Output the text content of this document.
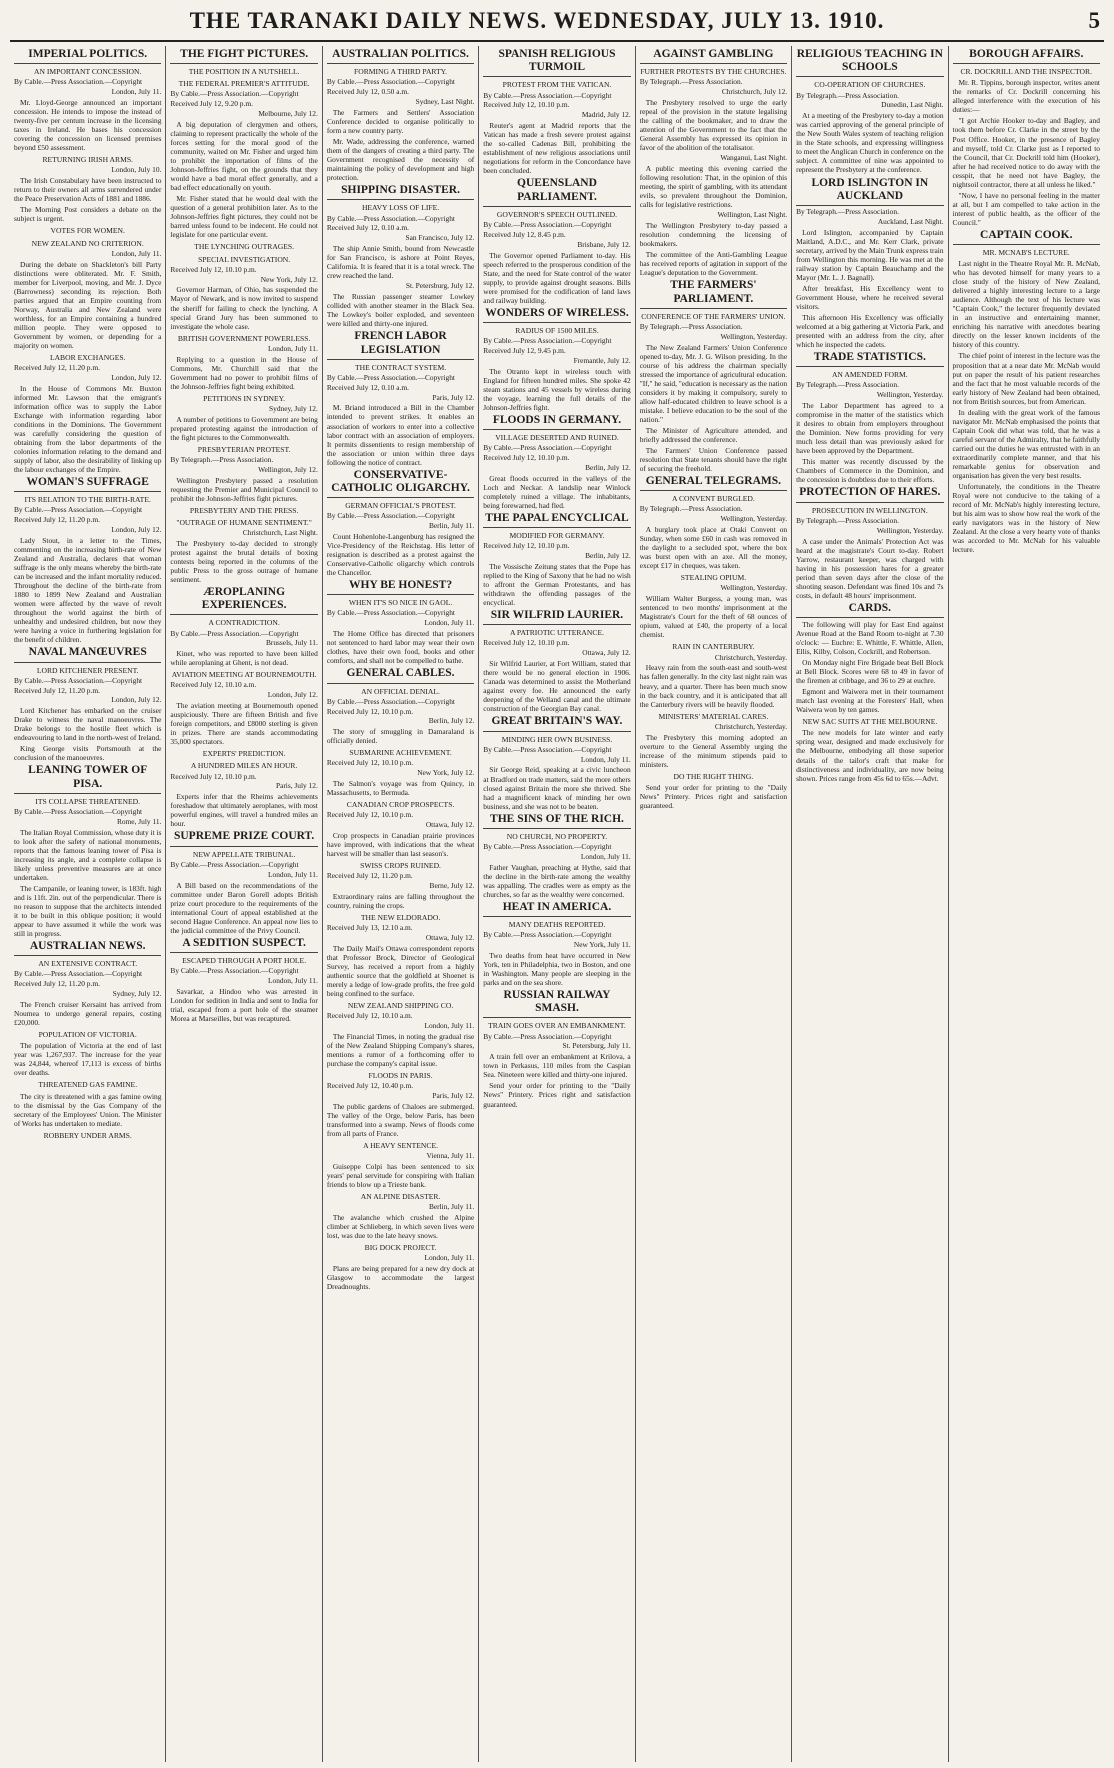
THE TARANAKI DAILY NEWS. WEDNESDAY, JULY 13. 1910.	5
IMPERIAL POLITICS.
AN IMPORTANT CONCESSION.
By Cable.—Press Association.—Copyright
London, July 11.
Mr. Lloyd-George announced an important concession. He intends to impose the instead of twenty-five per centum increase in the licensing taxes in Ireland. He bases his concession covering the concession on licensed premises beyond £50 assessment.
RETURNING IRISH ARMS.
London, July 10.
The Irish Constabulary have been instructed to return to their owners all arms surrendered under the Peace Preservation Acts of 1881 and 1886.
The Morning Post considers a debate on the subject is urgent.
VOTES FOR WOMEN.
NEW ZEALAND NO CRITERION.
London, July 11.
During the debate on Shackleton's bill Party distinctions were obliterated. Mr. F. Smith, member for Liverpool, moving, and Mr. J. Dyce (Barrowness) seconding its rejection. Both parties argued that an Empire counting from Norway, Australia and New Zealand were worthless, for an Empire containing a hundred million people. They were opposed to Government by women, or depending for a majority on women.
LABOR EXCHANGES.
Received July 12, 11.20 p.m.
London, July 12.
In the House of Commons Mr. Buxton informed Mr. Lawson that the emigrant's information office was to supply the Labor Exchange with information regarding labor conditions in the Dominions. The Government was carefully considering the question of obtaining from the labor departments of the colonies information relating to the demand and supply of labor, also the desirability of linking up the labour exchanges of the Empire.
WOMAN'S SUFFRAGE
ITS RELATION TO THE BIRTH-RATE.
By Cable.—Press Association.—Copyright
Received July 12, 11.20 p.m.
London, July 12.
Lady Stout, in a letter to the Times, commenting on the increasing birth-rate of New Zealand and Australia, declares that woman suffrage is the only means whereby the birth-rate can be increased and the infant mortality reduced. Throughout the decline of the birth-rate from 1880 to 1899 New Zealand and Australian women were affected by the wave of revolt throughout the world against the birth of unhealthy and undesired children, but now they were having a voice in furthering legislation for the benefit of children.
NAVAL MANŒUVRES
LORD KITCHENER PRESENT.
By Cable.—Press Association.—Copyright
Received July 12, 11.20 p.m.
London, July 12.
Lord Kitchener has embarked on the cruiser Drake to witness the naval manoeuvres. The Drake belongs to the hostile fleet which is endeavouring to land in the north-west of Ireland.
King George visits Portsmouth at the conclusion of the manoeuvres.
LEANING TOWER OF PISA.
ITS COLLAPSE THREATENED.
By Cable.—Press Association.—Copyright
Rome, July 11.
The Italian Royal Commission, whose duty it is to look after the safety of national monuments, reports that the famous leaning tower of Pisa is increasing its angle, and a complete collapse is likely unless preventive measures are at once undertaken.
The Campanile, or leaning tower, is 183ft. high and is 11ft. 2in. out of the perpendicular. There is no reason to suppose that the architects intended it to be built in this oblique position; it would appear to have assumed it while the work was still in progress.
AUSTRALIAN NEWS.
AN EXTENSIVE CONTRACT.
By Cable.—Press Association.—Copyright
Received July 12, 11.20 p.m.
Sydney, July 12.
The French cruiser Kersaint has arrived from Noumea to undergo general repairs, costing £20,000.
POPULATION OF VICTORIA.
The population of Victoria at the end of last year was 1,267,937. The increase for the year was 24,844, whereof 17,113 is excess of births over deaths.
THREATENED GAS FAMINE.
The city is threatened with a gas famine owing to the dismissal by the Gas Company of the secretary of the Employees' Union. The Minister of Works has undertaken to mediate.
ROBBERY UNDER ARMS.
THE FIGHT PICTURES.
THE POSITION IN A NUTSHELL.
THE FEDERAL PREMIER'S ATTITUDE.
By Cable.—Press Association.—Copyright
Received July 12, 9.20 p.m.
Melbourne, July 12.
A big deputation of clergymen and others, claiming to represent practically the whole of the forces setting for the moral good of the community, waited on Mr. Fisher and urged him to prohibit the importation of films of the Johnson-Jeffries fight, on the grounds that they would have a bad moral effect generally, and a bad effect educationally on youth.
Mr. Fisher stated that he would deal with the question of a general prohibition later. As to the Johnson-Jeffries fight pictures, they could not be barred unless found to be indecent. He could not legislate for one particular event.
THE LYNCHING OUTRAGES.
SPECIAL INVESTIGATION.
Received July 12, 10.10 p.m.
New York, July 12.
Governor Harman, of Ohio, has suspended the Mayor of Newark, and is now invited to suspend the sheriff for failing to check the lynching. A special Grand Jury has been summoned to investigate the whole case.
BRITISH GOVERNMENT POWERLESS.
London, July 11.
Replying to a question in the House of Commons, Mr. Churchill said that the Government had no power to prohibit films of the Johnson-Jeffries fight being exhibited.
PETITIONS IN SYDNEY.
Sydney, July 12.
A number of petitions to Government are being prepared protesting against the introduction of the fight pictures to the Commonwealth.
PRESBYTERIAN PROTEST.
By Telegraph.—Press Association.
Wellington, July 12.
Wellington Presbytery passed a resolution requesting the Premier and Municipal Council to prohibit the Johnson-Jeffries fight pictures.
PRESBYTERY AND THE PRESS.
"OUTRAGE OF HUMANE SENTIMENT."
Christchurch, Last Night.
The Presbytery to-day decided to strongly protest against the brutal details of boxing contests being reported in the columns of the public Press to the gross outrage of humane sentiment.
ÆROPLANING EXPERIENCES.
A CONTRADICTION.
By Cable.—Press Association.—Copyright
Brussels, July 11.
Kinet, who was reported to have been killed while aeroplaning at Ghent, is not dead.
AVIATION MEETING AT BOURNEMOUTH.
Received July 12, 10.10 a.m.
London, July 12.
The aviation meeting at Bournemouth opened auspiciously. There are fifteen British and five foreign competitors, and £8000 sterling is given in prizes. There are stands accommodating 35,000 spectators.
EXPERTS' PREDICTION.
A HUNDRED MILES AN HOUR.
Received July 12, 10.10 p.m.
Paris, July 12.
Experts infer that the Rheims achievements foreshadow that ultimately aeroplanes, with most powerful engines, will travel a hundred miles an hour.
SUPREME PRIZE COURT.
NEW APPELLATE TRIBUNAL.
By Cable.—Press Association.—Copyright
London, July 11.
A Bill based on the recommendations of the committee under Baron Gorell adopts British prize court procedure to the requirements of the international Court of appeal established at the second Hague Conference. An appeal now lies to the judicial committee of the Privy Council.
A SEDITION SUSPECT.
ESCAPED THROUGH A PORT HOLE.
By Cable.—Press Association.—Copyright
London, July 11.
Savarkar, a Hindoo who was arrested in London for sedition in India and sent to India for trial, escaped from a port hole of the steamer Morea at Marseilles, but was recaptured.
AUSTRALIAN POLITICS.
FORMING A THIRD PARTY.
By Cable.—Press Association.—Copyright
Received July 12, 0.50 a.m.
Sydney, Last Night.
The Farmers and Settlers' Association Conference decided to organise politically to form a new country party.
Mr. Wade, addressing the conference, warned them of the dangers of creating a third party. The Government recognised the necessity of maintaining the policy of development and high protection.
SHIPPING DISASTER.
HEAVY LOSS OF LIFE.
By Cable.—Press Association.—Copyright
Received July 12, 0.10 a.m.
San Francisco, July 12.
The ship Annie Smith, bound from Newcastle for San Francisco, is ashore at Point Reyes, California. It is feared that it is a total wreck. The crew reached the land.
St. Petersburg, July 12.
The Russian passenger steamer Lowkey collided with another steamer in the Black Sea. The Lowkey's boiler exploded, and seventeen were killed and thirty-one injured.
FRENCH LABOR LEGISLATION
THE CONTRACT SYSTEM.
By Cable.—Press Association.—Copyright
Received July 12, 0.10 a.m.
Paris, July 12.
M. Briand introduced a Bill in the Chamber intended to prevent strikes. It enables an association of workers to enter into a collective labor contract with an association of employers. It permits dissentients to resign membership of the association or union within three days following the notice of contract.
CONSERVATIVE-CATHOLIC OLIGARCHY.
GERMAN OFFICIAL'S PROTEST.
By Cable.—Press Association.—Copyright
Berlin, July 11.
Count Hohenlohe-Langenburg has resigned the Vice-Presidency of the Reichstag. His letter of resignation is described as a protest against the Conservative-Catholic oligarchy which controls the Chancellor.
WHY BE HONEST?
WHEN IT'S SO NICE IN GAOL.
By Cable.—Press Association.—Copyright
London, July 11.
The Home Office has directed that prisoners not sentenced to hard labor may wear their own clothes, have their own food, books and other comforts, and shall not be compelled to bathe.
GENERAL CABLES.
AN OFFICIAL DENIAL.
By Cable.—Press Association.—Copyright
Received July 12, 10.10 p.m.
Berlin, July 12.
The story of smuggling in Damaraland is officially denied.
SUBMARINE ACHIEVEMENT.
Received July 12, 10.10 p.m.
New York, July 12.
The Salmon's voyage was from Quincy, in Massachusetts, to Bermuda.
CANADIAN CROP PROSPECTS.
Received July 12, 10.10 p.m.
Ottawa, July 12.
Crop prospects in Canadian prairie provinces have improved, with indications that the wheat harvest will be smaller than last season's.
SWISS CROPS RUINED.
Received July 12, 11.20 p.m.
Berne, July 12.
Extraordinary rains are falling throughout the country, ruining the crops.
THE NEW ELDORADO.
Received July 13, 12.10 a.m.
Ottawa, July 12.
The Daily Mail's Ottawa correspondent reports that Professor Brock, Director of Geological Survey, has received a report from a highly authentic source that the goldfield at Shoenet is merely a ledge of low-grade profits, the free gold being confined to the surface.
NEW ZEALAND SHIPPING CO.
Received July 12, 10.10 a.m.
London, July 11.
The Financial Times, in noting the gradual rise of the New Zealand Shipping Company's shares, mentions a rumor of a forthcoming offer to purchase the company's capital issue.
FLOODS IN PARIS.
Received July 12, 10.40 p.m.
Paris, July 12.
The public gardens of Chaloes are submerged. The valley of the Orge, below Paris, has been transformed into a swamp. News of floods come from all parts of France.
A HEAVY SENTENCE.
Vienna, July 11.
Guiseppe Colpi has been sentenced to six years' penal servitude for conspiring with Italian friends to blow up a Trieste bank.
AN ALPINE DISASTER.
Berlin, July 11.
The avalanche which crushed the Alpine climber at Schlieberg, in which seven lives were lost, was due to the late heavy snows.
BIG DOCK PROJECT.
London, July 11.
Plans are being prepared for a new dry dock at Glasgow to accommodate the largest Dreadnoughts.
SPANISH RELIGIOUS TURMOIL
PROTEST FROM THE VATICAN.
By Cable.—Press Association.—Copyright
Received July 12, 10.10 p.m.
Madrid, July 12.
Reuter's agent at Madrid reports that the Vatican has made a fresh severe protest against the so-called Cadenas Bill, prohibiting the establishment of new religious associations until negotiations for reform in the Concordance have been concluded.
QUEENSLAND PARLIAMENT.
GOVERNOR'S SPEECH OUTLINED.
By Cable.—Press Association.—Copyright
Received July 12, 8.45 p.m.
Brisbane, July 12.
The Governor opened Parliament to-day. His speech referred to the prosperous condition of the State, and the need for State control of the water supply, to provide against drought seasons. Bills were promised for the codification of land laws and railway building.
WONDERS OF WIRELESS.
RADIUS OF 1500 MILES.
By Cable.—Press Association.—Copyright
Received July 12, 9.45 p.m.
Fremantle, July 12.
The Otranto kept in wireless touch with England for fifteen hundred miles. She spoke 42 steam stations and 45 vessels by wireless during the voyage, learning the full details of the Johnson-Jeffries fight.
FLOODS IN GERMANY.
VILLAGE DESERTED AND RUINED.
By Cable.—Press Association.—Copyright
Received July 12, 10.10 p.m.
Berlin, July 12.
Great floods occurred in the valleys of the Loch and Neckar. A landslip near Winlock completely ruined a village. The inhabitants, being forewarned, had fled.
THE PAPAL ENCYCLICAL
MODIFIED FOR GERMANY.
Received July 12, 10.10 p.m.
Berlin, July 12.
The Vossische Zeitung states that the Pope has replied to the King of Saxony that he had no wish to affront the German Protestants, and has withdrawn the offending passages of the encyclical.
SIR WILFRID LAURIER.
A PATRIOTIC UTTERANCE.
Received July 12, 10.10 p.m.
Ottawa, July 12.
Sir Wilfrid Laurier, at Fort William, stated that there would be no general election in 1906. Canada was determined to assist the Motherland against every foe. He announced the early deepening of the Welland canal and the ultimate construction of the Georgian Bay canal.
GREAT BRITAIN'S WAY.
MINDING HER OWN BUSINESS.
By Cable.—Press Association.—Copyright
London, July 11.
Sir George Reid, speaking at a civic luncheon at Bradford on trade matters, said the more others closed against Britain the more she thrived. She had a magnificent knack of minding her own business, and she was not to be beaten.
THE SINS OF THE RICH.
NO CHURCH, NO PROPERTY.
By Cable.—Press Association.—Copyright
London, July 11.
Father Vaughan, preaching at Hythe, said that the decline in the birth-rate among the wealthy was appalling. The cradles were as empty as the churches, so far as the wealthy were concerned.
HEAT IN AMERICA.
MANY DEATHS REPORTED.
By Cable.—Press Association.—Copyright
New York, July 11.
Two deaths from heat have occurred in New York, ten in Philadelphia, two in Boston, and one in Washington. Many people are sleeping in the parks and on the sea shore.
RUSSIAN RAILWAY SMASH.
TRAIN GOES OVER AN EMBANKMENT.
By Cable.—Press Association.—Copyright
St. Petersburg, July 11.
A train fell over an embankment at Krilova, a town in Perkasus, 110 miles from the Caspian Sea. Nineteen were killed and thirty-one injured.
Send your order for printing to the "Daily News" Printery. Prices right and satisfaction guaranteed.
AGAINST GAMBLING
FURTHER PROTESTS BY THE CHURCHES.
By Telegraph.—Press Association.
Christchurch, July 12.
The Presbytery resolved to urge the early repeal of the provision in the statute legalising the calling of the bookmaker, and to draw the attention of the Government to the fact that the General Assembly has expressed its opinion in favor of the abolition of the totalisator.
Wanganui, Last Night.
A public meeting this evening carried the following resolution: That, in the opinion of this meeting, the spirit of gambling, with its attendant evils, so prevalent throughout the Dominion, calls for legislative restrictions.
Wellington, Last Night.
The Wellington Presbytery to-day passed a resolution condemning the licensing of bookmakers.
The committee of the Anti-Gambling League has received reports of agitation in support of the League's deputation to the Government.
THE FARMERS' PARLIAMENT.
CONFERENCE OF THE FARMERS' UNION.
By Telegraph.—Press Association.
Wellington, Yesterday.
The New Zealand Farmers' Union Conference opened to-day, Mr. J. G. Wilson presiding. In the course of his address the chairman specially stressed the importance of agricultural education. "If," he said, "education is necessary as the nation considers it by making it compulsory, surely to allow half-educated children to leave school is a mistake. I believe education to be the soul of the nation."
The Minister of Agriculture attended, and briefly addressed the conference.
The Farmers' Union Conference passed resolution that State tenants should have the right of securing the freehold.
GENERAL TELEGRAMS.
A CONVENT BURGLED.
By Telegraph.—Press Association.
Wellington, Yesterday.
A burglary took place at Otaki Convent on Sunday, when some £60 in cash was removed in the daylight to a secluded spot, where the box was burst open with an axe. All the money, except £17 in cheques, was taken.
STEALING OPIUM.
Wellington, Yesterday.
William Walter Burgess, a young man, was sentenced to two months' imprisonment at the Magistrate's Court for the theft of 68 ounces of opium, valued at £40, the property of a local chemist.
RAIN IN CANTERBURY.
Christchurch, Yesterday.
Heavy rain from the south-east and south-west has fallen generally. In the city last night rain was heavy, and a quarter. There has been much snow in the back country, and it is anticipated that all the Canterbury rivers will be heavily flooded.
MINISTERS' MATERIAL CARES.
Christchurch, Yesterday.
The Presbytery this morning adopted an overture to the General Assembly urging the increase of the minimum stipends paid to ministers.
DO THE RIGHT THING.
Send your order for printing to the "Daily News" Printery. Prices right and satisfaction guaranteed.
RELIGIOUS TEACHING IN SCHOOLS
CO-OPERATION OF CHURCHES.
By Telegraph.—Press Association.
Dunedin, Last Night.
At a meeting of the Presbytery to-day a motion was carried approving of the general principle of the New South Wales system of teaching religion in the State schools, and expressing willingness to meet the Anglican Church in conference on the subject. A committee of nine was appointed to represent the Presbytery at the conference.
LORD ISLINGTON IN AUCKLAND
By Telegraph.—Press Association.
Auckland, Last Night.
Lord Islington, accompanied by Captain Maitland, A.D.C., and Mr. Kerr Clark, private secretary, arrived by the Main Trunk express train from Wellington this morning. He was met at the railway station by Captain Beauchamp and the Mayor (Mr. L. J. Bagnall).
After breakfast, His Excellency went to Government House, where he received several visitors.
This afternoon His Excellency was officially welcomed at a big gathering at Victoria Park, and presented with an address from the city, after which he inspected the cadets.
TRADE STATISTICS.
AN AMENDED FORM.
By Telegraph.—Press Association.
Wellington, Yesterday.
The Labor Department has agreed to a compromise in the matter of the statistics which it desires to obtain from employers throughout the Dominion. New forms providing for very much less detail than was previously asked for have been approved by the Department.
This matter was recently discussed by the Chambers of Commerce in the Dominion, and the concession is doubtless due to their efforts.
PROTECTION OF HARES.
PROSECUTION IN WELLINGTON.
By Telegraph.—Press Association.
Wellington, Yesterday.
A case under the Animals' Protection Act was heard at the magistrate's Court to-day. Robert Yarrow, restaurant keeper, was charged with having in his possession hares for a greater period than seven days after the close of the shooting season. Defendant was fined 10s and 7s costs, in default 48 hours' imprisonment.
CARDS.
The following will play for East End against Avenue Road at the Band Room to-night at 7.30 o'clock: — Euchre: E. Whittle, F. Whittle, Allen, Ellis, Kilby, Colson, Cockrill, and Robertson.
On Monday night Fire Brigade beat Bell Block at Bell Block. Scores were 68 to 49 in favor of the firemen at cribbage, and 36 to 29 at euchre.
Egmont and Waiwera met in their tournament match last evening at the Foresters' Hall, when Waiwera won by ten games.
NEW SAC SUITS AT THE MELBOURNE.
The new models for late winter and early spring wear, designed and made exclusively for the Melbourne, embodying all those superior details of the tailor's craft that make for distinctiveness and individuality, are now being shown. Prices range from 45s 6d to 65s.—Advt.
BOROUGH AFFAIRS.
CR. DOCKRILL AND THE INSPECTOR.
Mr. R. Tippins, borough inspector, writes anent the remarks of Cr. Dockrill concerning his alleged interference with the execution of his duties:—
"I got Archie Hooker to-day and Bagley, and took them before Cr. Clarke in the street by the Post Office. Hooker, in the presence of Bagley and myself, told Cr. Clarke just as I reported to the Council, that Cr. Dockrill told him (Hooker), after he had received notice to do away with the cesspit, that he need not have Bagley, the nightsoil contractor, there at all unless he liked."
"Now, I have no personal feeling in the matter at all, but I am compelled to take action in the interest of public health, as the officer of the Council."
CAPTAIN COOK.
MR. MCNAB'S LECTURE.
Last night in the Theatre Royal Mr. R. McNab, who has devoted himself for many years to a close study of the history of New Zealand, delivered a highly interesting lecture to a large audience. Although the text of his lecture was "Captain Cook," the lecturer frequently deviated in an instructive and entertaining manner, enriching his narrative with anecdotes bearing directly on the lesser known incidents of the history of this country.
The chief point of interest in the lecture was the proposition that at a near date Mr. McNab would put on paper the result of his patient researches and the fact that he most valuable records of the early history of New Zealand had been obtained, not from British sources, but from American.
In dealing with the great work of the famous navigator Mr. McNab emphasised the points that Captain Cook did what was told, that he was a careful servant of the Admiralty, that he faithfully carried out the duties he was entrusted with in an extraordinarily complete manner, and that his remarkable genius for observation and organisation has given the very best results.
Unfortunately, the conditions in the Theatre Royal were not conducive to the taking of a record of Mr. McNab's highly interesting lecture, but his aim was to show how real the work of the early navigators was in the history of New Zealand. At the close a very hearty vote of thanks was accorded to Mr. McNab for his valuable lecture.
